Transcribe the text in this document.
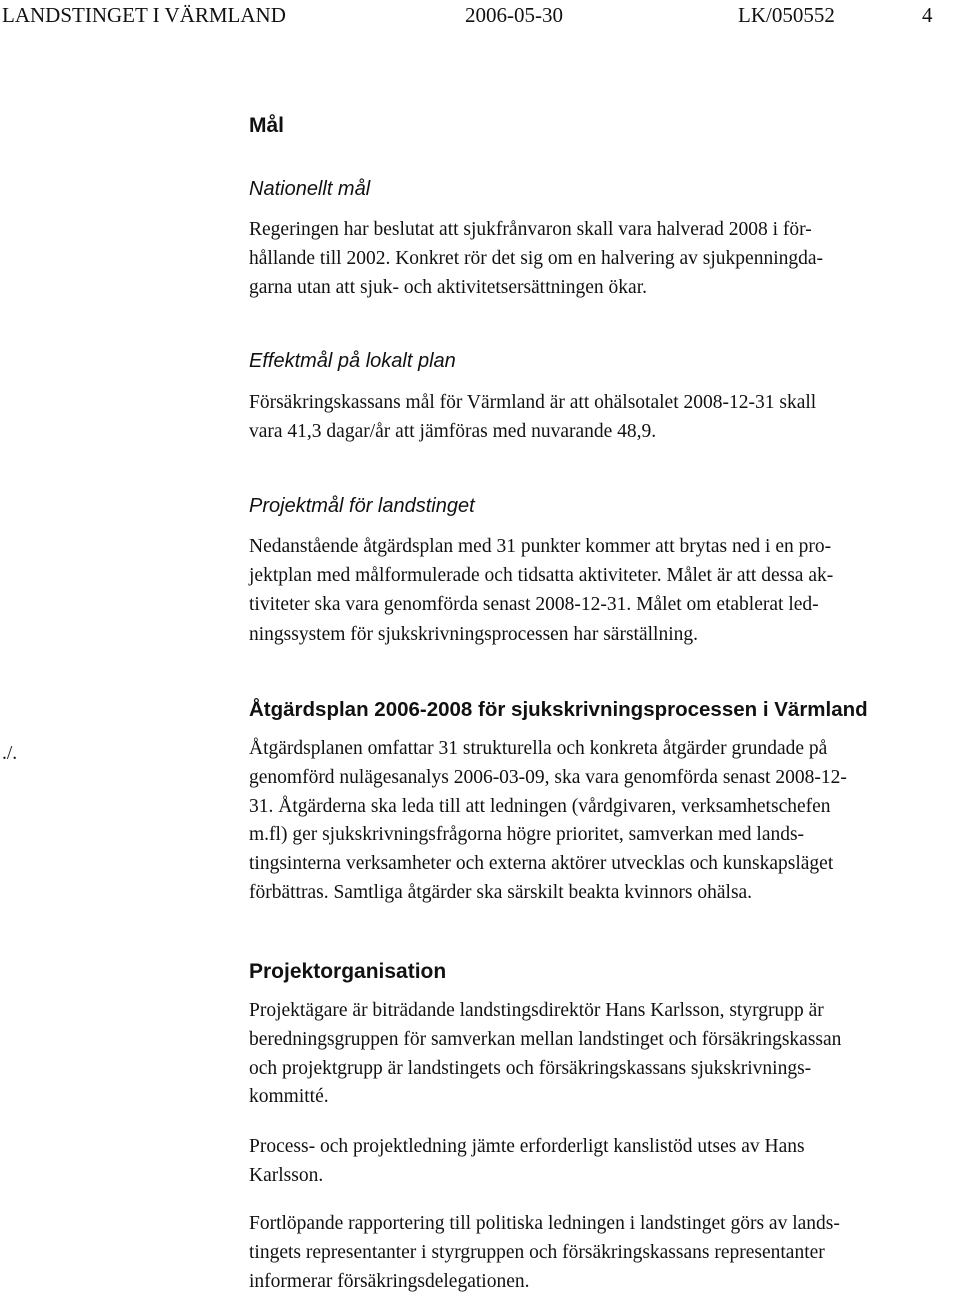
LANDSTINGET I VÄRMLAND	2006-05-30	LK/050552	4
Mål
Nationellt mål
Regeringen har beslutat att sjukfrånvaron skall vara halverad 2008 i för-
hållande till 2002. Konkret rör det sig om en halvering av sjukpenningda-
garna utan att sjuk- och aktivitetsersättningen ökar.
Effektmål på lokalt plan
Försäkringskassans mål för Värmland är att ohälsotalet 2008-12-31 skall
vara 41,3 dagar/år att jämföras med nuvarande 48,9.
Projektmål för landstinget
Nedanstående åtgärdsplan med 31 punkter kommer att brytas ned i en pro-
jektplan med målformulerade och tidsatta aktiviteter. Målet är att dessa ak-
tiviteter ska vara genomförda senast 2008-12-31. Målet om etablerat led-
ningssystem för sjukskrivningsprocessen har särställning.
Åtgärdsplan 2006-2008 för sjukskrivningsprocessen i Värmland
./.	Åtgärdsplanen omfattar 31 strukturella och konkreta åtgärder grundade på
genomförd nulägesanalys 2006-03-09, ska vara genomförda senast 2008-12-
31. Åtgärderna ska leda till att ledningen (vårdgivaren, verksamhetschefen
m.fl) ger sjukskrivningsfrågorna högre prioritet, samverkan med lands-
tingsinterna verksamheter och externa aktörer utvecklas och kunskapsläget
förbättras. Samtliga åtgärder ska särskilt beakta kvinnors ohälsa.
Projektorganisation
Projektägare är biträdande landstingsdirektör Hans Karlsson, styrgrupp är
beredningsgruppen för samverkan mellan landstinget och försäkringskassan
och projektgrupp är landstingets och försäkringskassans sjukskrivnings-
kommitté.
Process- och projektledning jämte erforderligt kanslistöd utses av Hans
Karlsson.
Fortlöpande rapportering till politiska ledningen i landstinget görs av lands-
tingets representanter i styrgruppen och försäkringskassans representanter
informerar försäkringsdelegationen.
